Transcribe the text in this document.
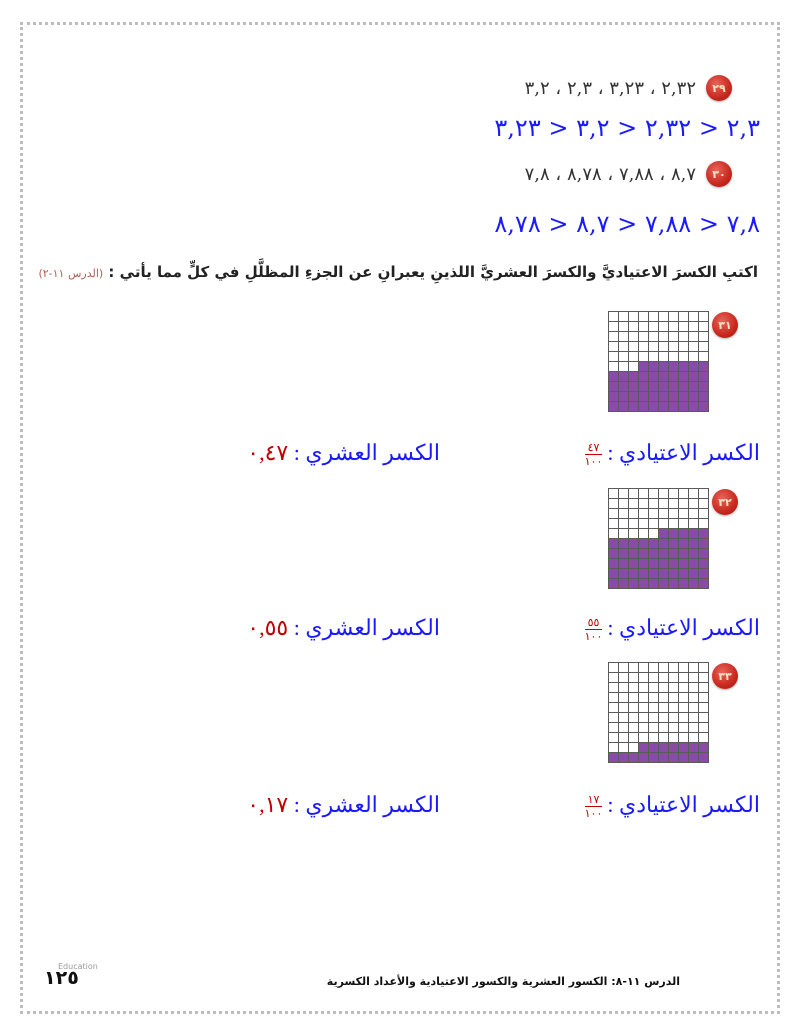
٢٩
٢,٣٢ ، ٣,٢٣ ، ٢,٣ ، ٣,٢
٢,٣ < ٢,٣٢ < ٣,٢ < ٣,٢٣
٣٠
٨,٧ ، ٧,٨٨ ، ٨,٧٨ ، ٧,٨
٧,٨ < ٧,٨٨ < ٨,٧ < ٨,٧٨
اكتبِ الكسرَ الاعتياديَّ والكسرَ العشريَّ اللذينِ يعبرانِ عن الجزءِ المظلَّلِ في كلٍّ مما يأتي : (الدرس ١١-٢)
٣١
الكسر الاعتيادي :
$\frac{٤٧}{١٠٠}$
الكسر العشري : ٠,٤٧
٣٢
الكسر الاعتيادي :
$\frac{٥٥}{١٠٠}$
الكسر العشري : ٠,٥٥
٣٣
الكسر الاعتيادي :
$\frac{١٧}{١٠٠}$
الكسر العشري : ٠,١٧
الدرس ١١-٨: الكسور العشرية والكسور الاعتيادية والأعداد الكسرية
Education
١٢٥
